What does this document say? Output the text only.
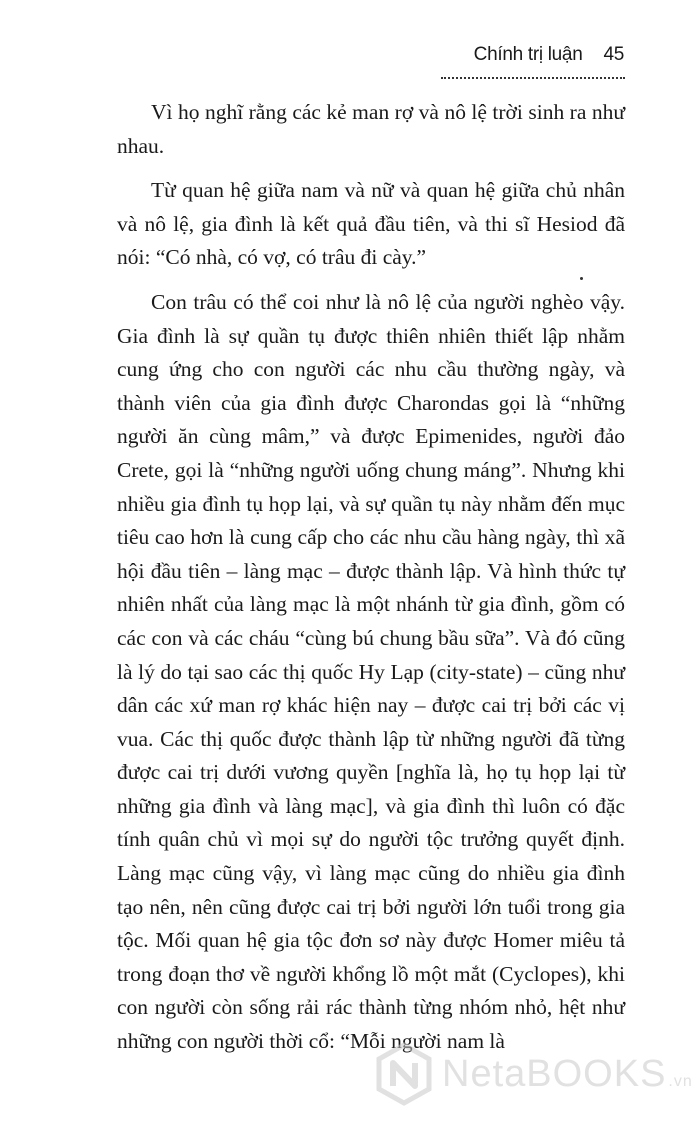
Chính trị luận 45

Vì họ nghĩ rằng các kẻ man rợ và nô lệ trời sinh ra như nhau.

Từ quan hệ giữa nam và nữ và quan hệ giữa chủ nhân và nô lệ, gia đình là kết quả đầu tiên, và thi sĩ Hesiod đã nói: “Có nhà, có vợ, có trâu đi cày.”

Con trâu có thể coi như là nô lệ của người nghèo vậy. Gia đình là sự quần tụ được thiên nhiên thiết lập nhằm cung ứng cho con người các nhu cầu thường ngày, và thành viên của gia đình được Charondas gọi là “những người ăn cùng mâm,” và được Epimenides, người đảo Crete, gọi là “những người uống chung máng”. Nhưng khi nhiều gia đình tụ họp lại, và sự quần tụ này nhằm đến mục tiêu cao hơn là cung cấp cho các nhu cầu hàng ngày, thì xã hội đầu tiên – làng mạc – được thành lập. Và hình thức tự nhiên nhất của làng mạc là một nhánh từ gia đình, gồm có các con và các cháu “cùng bú chung bầu sữa”. Và đó cũng là lý do tại sao các thị quốc Hy Lạp (city-state) – cũng như dân các xứ man rợ khác hiện nay – được cai trị bởi các vị vua. Các thị quốc được thành lập từ những người đã từng được cai trị dưới vương quyền [nghĩa là, họ tụ họp lại từ những gia đình và làng mạc], và gia đình thì luôn có đặc tính quân chủ vì mọi sự do người tộc trưởng quyết định. Làng mạc cũng vậy, vì làng mạc cũng do nhiều gia đình tạo nên, nên cũng được cai trị bởi người lớn tuổi trong gia tộc. Mối quan hệ gia tộc đơn sơ này được Homer miêu tả trong đoạn thơ về người khổng lồ một mắt (Cyclopes), khi con người còn sống rải rác thành từng nhóm nhỏ, hệt như những con người thời cổ: “Mỗi người nam là

NetaBOOKS .vn
